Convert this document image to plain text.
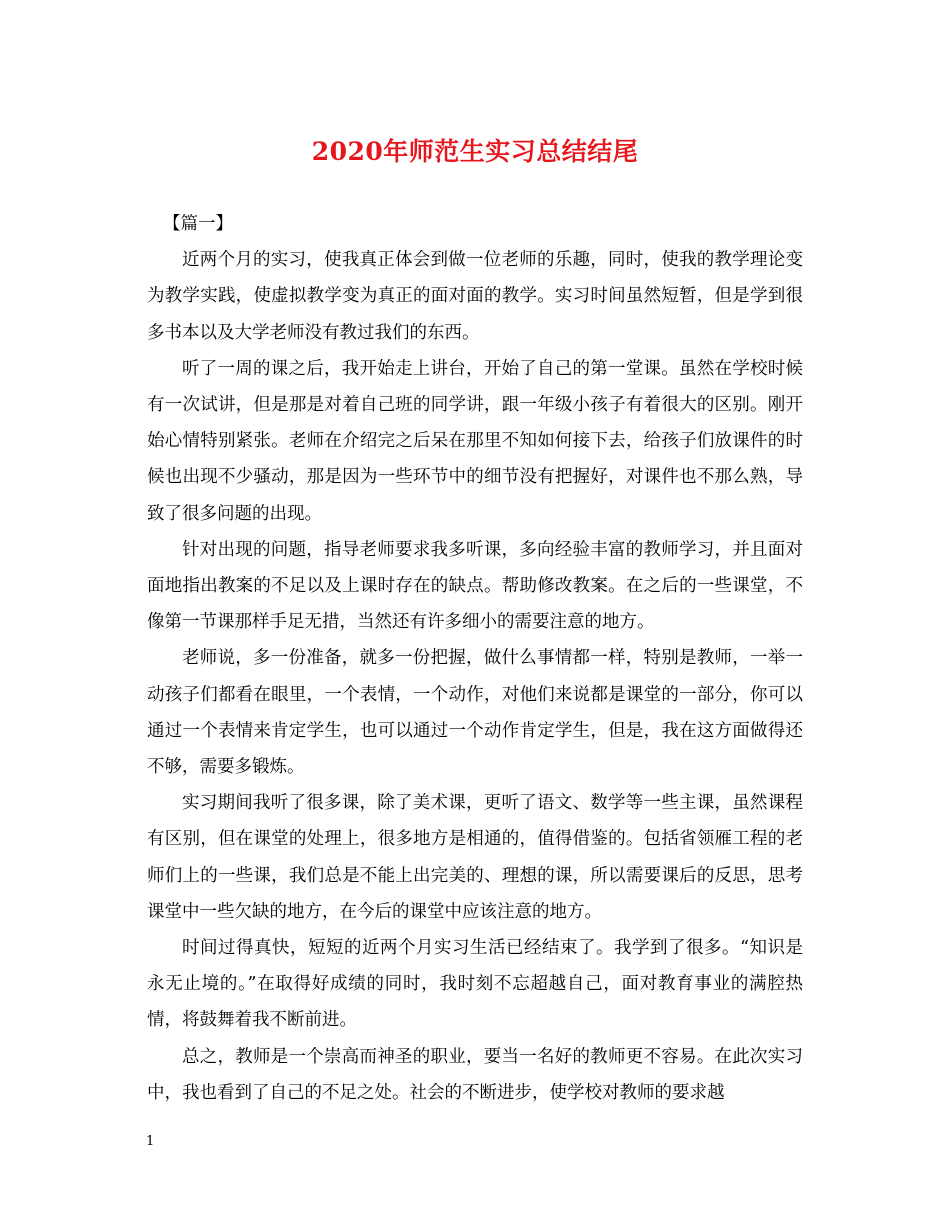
2020年师范生实习总结结尾

【篇一】

近两个月的实习，使我真正体会到做一位老师的乐趣，同时，使我的教学理论变为教学实践，使虚拟教学变为真正的面对面的教学。实习时间虽然短暂，但是学到很多书本以及大学老师没有教过我们的东西。

听了一周的课之后，我开始走上讲台，开始了自己的第一堂课。虽然在学校时候有一次试讲，但是那是对着自己班的同学讲，跟一年级小孩子有着很大的区别。刚开始心情特别紧张。老师在介绍完之后呆在那里不知如何接下去，给孩子们放课件的时候也出现不少骚动，那是因为一些环节中的细节没有把握好，对课件也不那么熟，导致了很多问题的出现。

针对出现的问题，指导老师要求我多听课，多向经验丰富的教师学习，并且面对面地指出教案的不足以及上课时存在的缺点。帮助修改教案。在之后的一些课堂，不像第一节课那样手足无措，当然还有许多细小的需要注意的地方。

老师说，多一份准备，就多一份把握，做什么事情都一样，特别是教师，一举一动孩子们都看在眼里，一个表情，一个动作，对他们来说都是课堂的一部分，你可以通过一个表情来肯定学生，也可以通过一个动作肯定学生，但是，我在这方面做得还不够，需要多锻炼。

实习期间我听了很多课，除了美术课，更听了语文、数学等一些主课，虽然课程有区别，但在课堂的处理上，很多地方是相通的，值得借鉴的。包括省领雁工程的老师们上的一些课，我们总是不能上出完美的、理想的课，所以需要课后的反思，思考课堂中一些欠缺的地方，在今后的课堂中应该注意的地方。

时间过得真快，短短的近两个月实习生活已经结束了。我学到了很多。“知识是永无止境的。”在取得好成绩的同时，我时刻不忘超越自己，面对教育事业的满腔热情，将鼓舞着我不断前进。

总之，教师是一个崇高而神圣的职业，要当一名好的教师更不容易。在此次实习中，我也看到了自己的不足之处。社会的不断进步，使学校对教师的要求越

1
